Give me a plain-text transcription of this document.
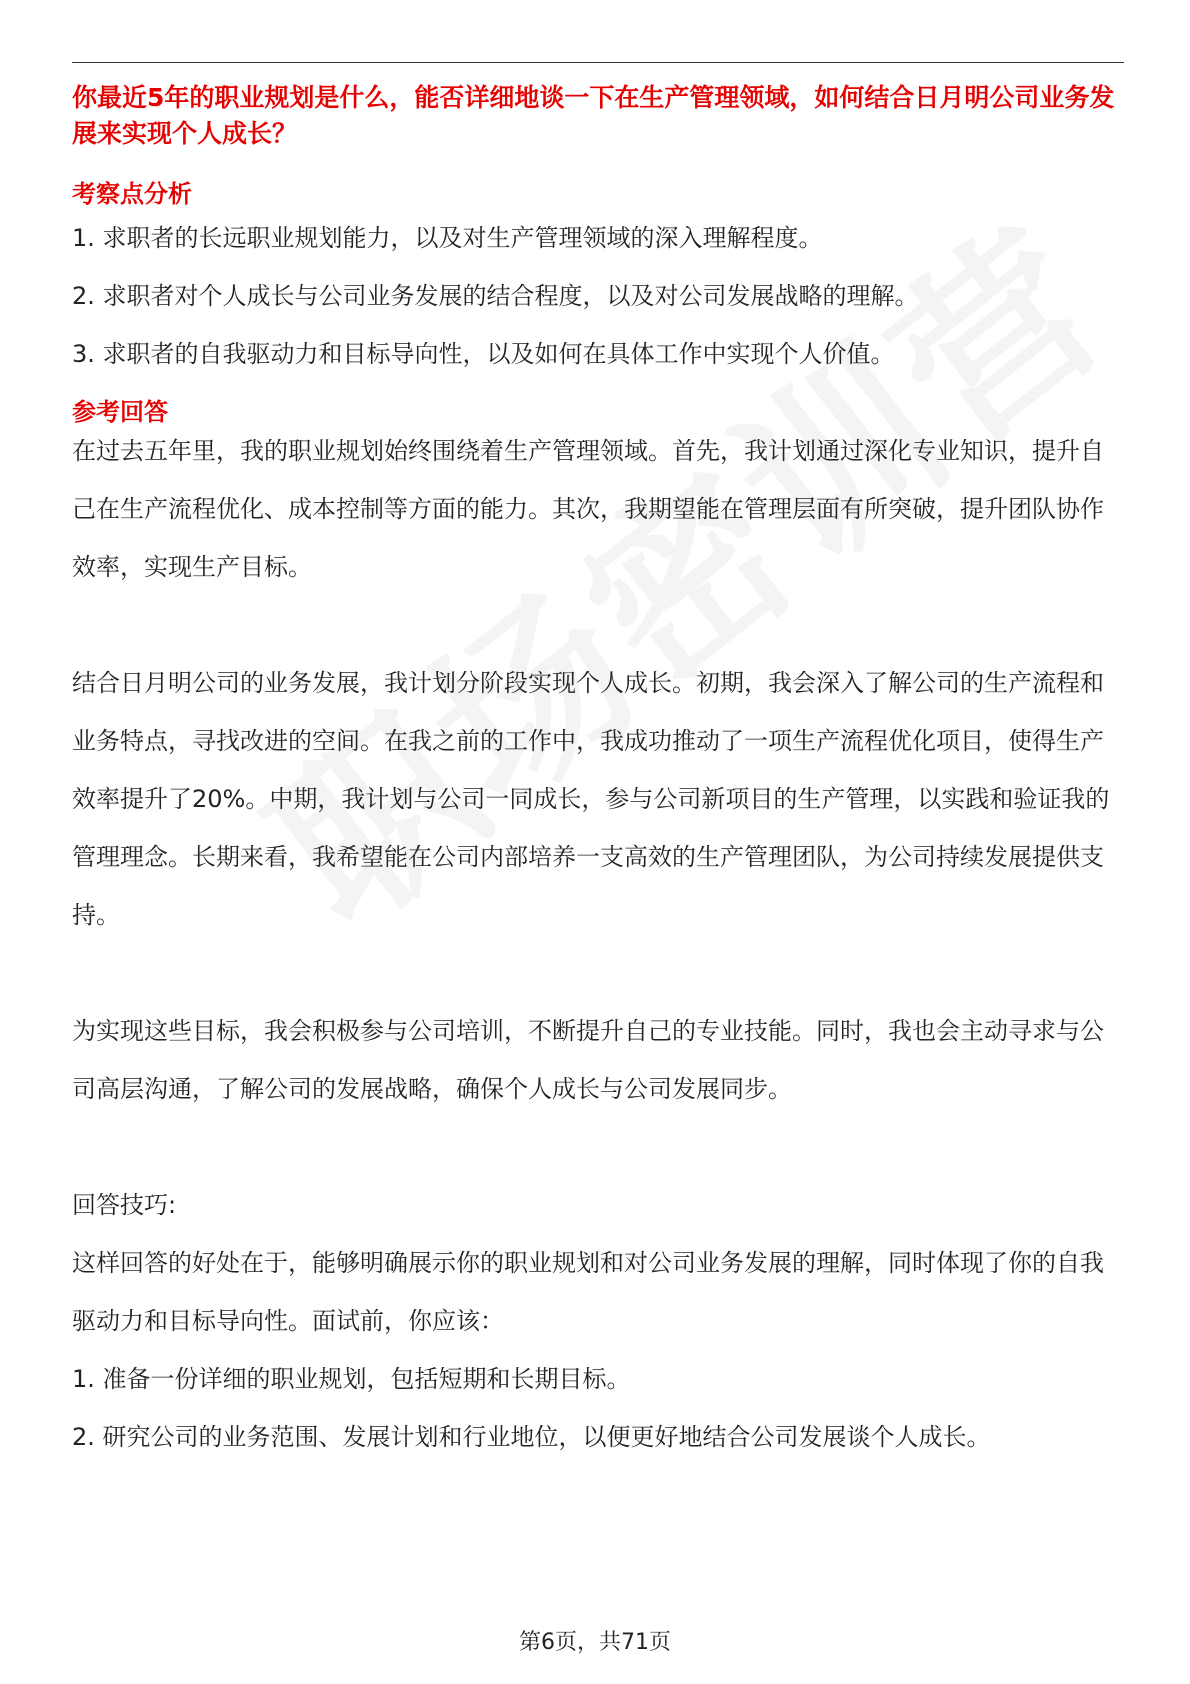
你最近5年的职业规划是什么，能否详细地谈一下在生产管理领域，如何结合日月明公司业务发展来实现个人成长？
考察点分析

1. 求职者的长远职业规划能力，以及对生产管理领域的深入理解程度。

2. 求职者对个人成长与公司业务发展的结合程度，以及对公司发展战略的理解。

3. 求职者的自我驱动力和目标导向性，以及如何在具体工作中实现个人价值。

参考回答

在过去五年里，我的职业规划始终围绕着生产管理领域。首先，我计划通过深化专业知识，提升自己在生产流程优化、成本控制等方面的能力。其次，我期望能在管理层面有所突破，提升团队协作效率，实现生产目标。

结合日月明公司的业务发展，我计划分阶段实现个人成长。初期，我会深入了解公司的生产流程和业务特点，寻找改进的空间。在我之前的工作中，我成功推动了一项生产流程优化项目，使得生产效率提升了20%。中期，我计划与公司一同成长，参与公司新项目的生产管理，以实践和验证我的管理理念。长期来看，我希望能在公司内部培养一支高效的生产管理团队，为公司持续发展提供支持。

为实现这些目标，我会积极参与公司培训，不断提升自己的专业技能。同时，我也会主动寻求与公司高层沟通，了解公司的发展战略，确保个人成长与公司发展同步。

回答技巧:

这样回答的好处在于，能够明确展示你的职业规划和对公司业务发展的理解，同时体现了你的自我驱动力和目标导向性。面试前，你应该：

1. 准备一份详细的职业规划，包括短期和长期目标。

2. 研究公司的业务范围、发展计划和行业地位，以便更好地结合公司发展谈个人成长。

第6页，共71页
